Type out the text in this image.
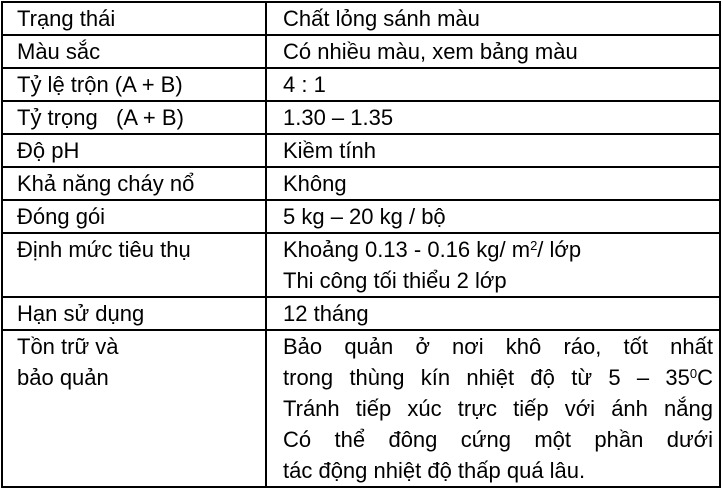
Trạng thái	Chất lỏng sánh màu
Màu sắc	Có nhiều màu, xem bảng màu
Tỷ lệ trộn (A + B)	4 : 1
Tỷ trọng   (A + B)	1.30 – 1.35
Độ pH	Kiềm tính
Khả năng cháy nổ	Không
Đóng gói	5 kg – 20 kg / bộ
Định mức tiêu thụ	Khoảng 0.13 - 0.16 kg/ $m^2/$ lớp
Thi công tối thiểu 2 lớp

Hạn sử dụng	12 tháng

Tồn trữ và
bảo quản	Bảo quản ở nơi khô ráo, tốt nhất
trong thùng kín nhiệt độ từ $5 - 35^0C$
Tránh tiếp xúc trực tiếp với ánh nắng
Có thể đông cứng một phần dưới
tác động nhiệt độ thấp quá lâu.
